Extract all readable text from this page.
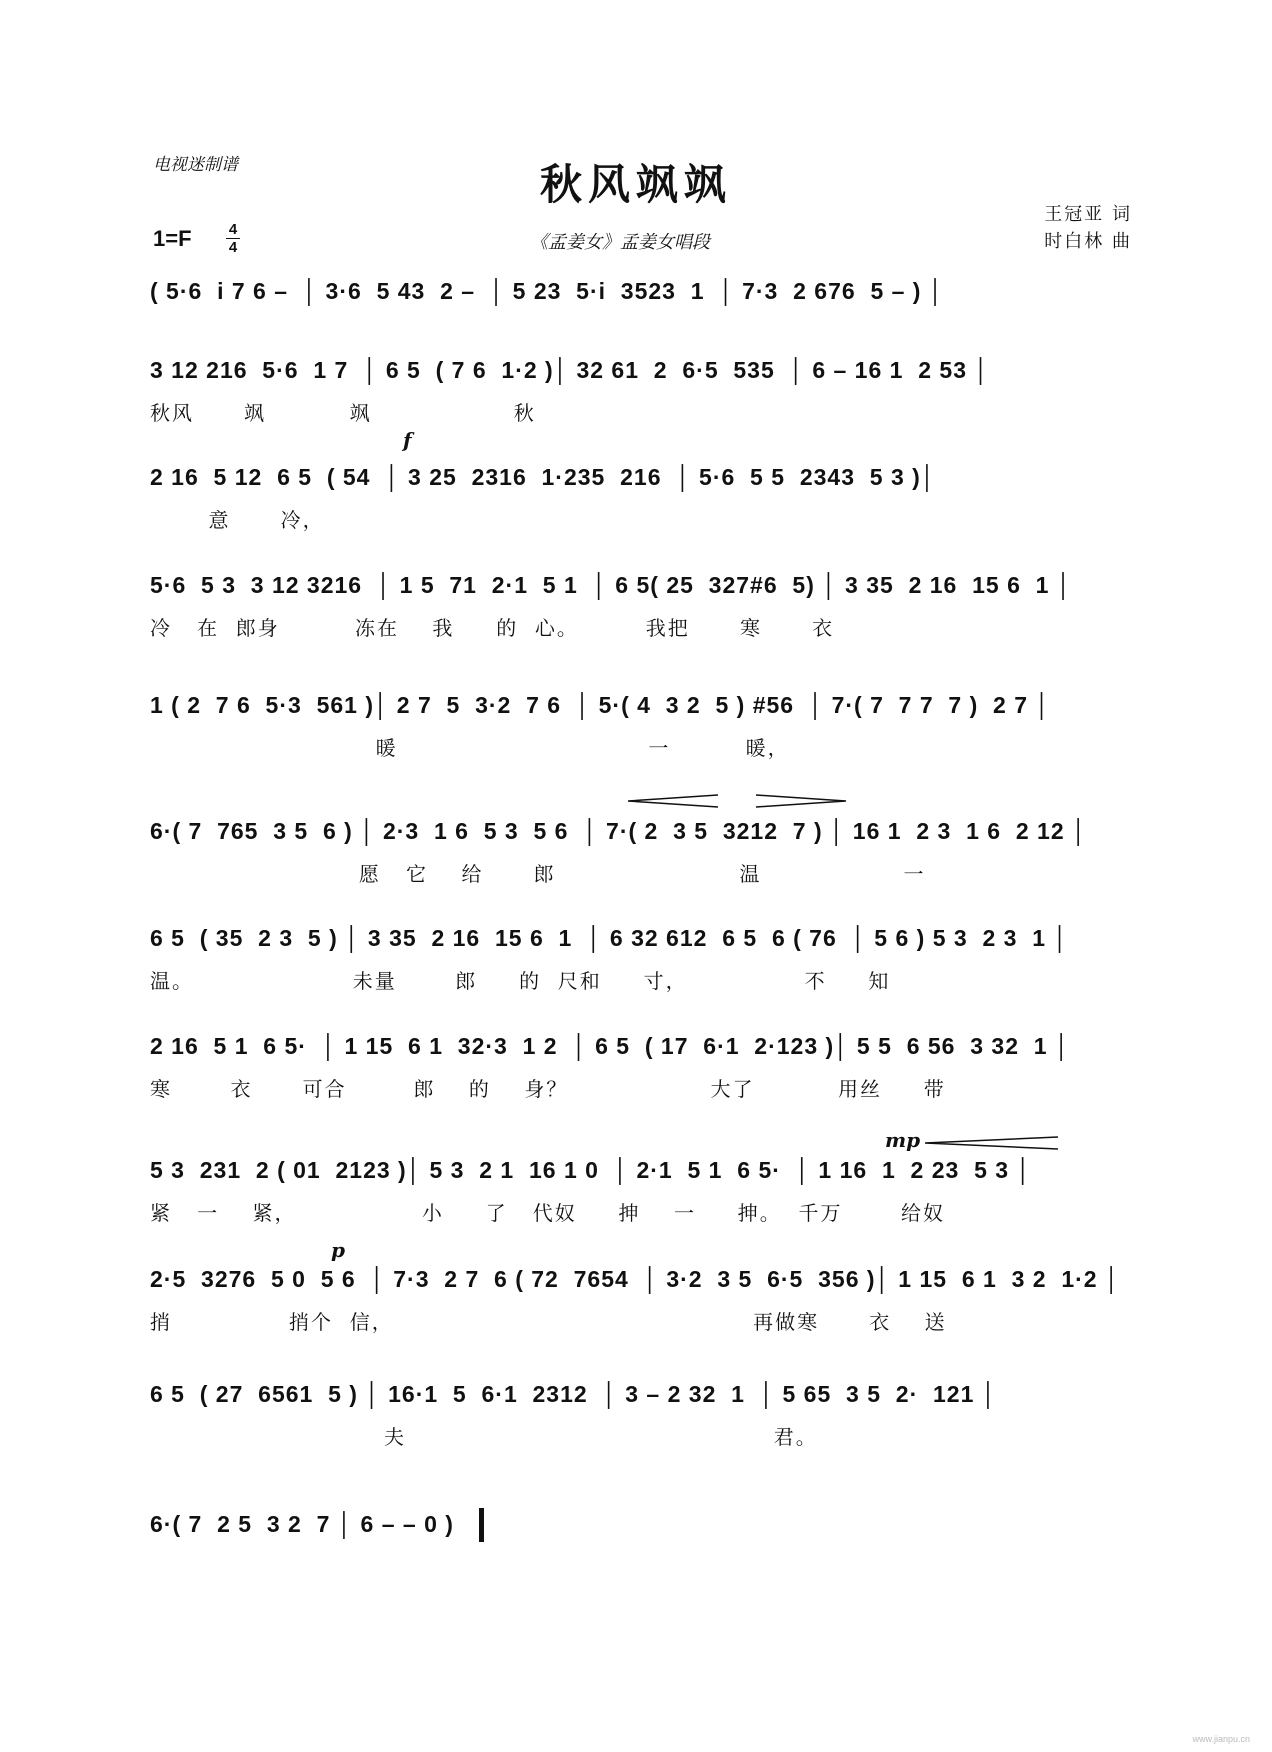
电视迷制谱	秋风飒飒
《孟姜女》孟姜女唱段
王冠亚 词
时白林 曲
1=F 4
4
( 5·6  i 7 6 –  │ 3·6  5 43  2 –  │ 5 23  5·i  3523  1  │ 7·3  2 676  5 – ) │
3 12 216  5·6  1 7  │ 6 5  ( 7 6  1·2 )│ 32 61  2  6·5  535  │ 6 – 16 1  2 53 │
秋风      飒          飒                 秋
f
2 16  5 12  6 5  ( 54  │ 3 25  2316  1·235  216  │ 5·6  5 5  2343  5 3 )│
意      冷，
5·6  5 3  3 12 3216  │ 1 5  71  2·1  5 1  │ 6 5( 25  327#6  5) │ 3 35  2 16  15 6  1 │
冷   在  郎身         冻在    我     的  心。        我把      寒      衣
1 ( 2  7 6  5·3  561 )│ 2 7  5  3·2  7 6  │ 5·( 4  3 2  5 ) #56  │ 7·( 7  7 7  7 )  2 7 │
暖                              一         暖，
6·( 7  765  3 5  6 ) │ 2·3  1 6  5 3  5 6  │ 7·( 2  3 5  3212  7 ) │ 16 1  2 3  1 6  2 12 │
愿   它    给      郎                      温                 一
6 5  ( 35  2 3  5 ) │ 3 35  2 16  15 6  1  │ 6 32 612  6 5  6 ( 76  │ 5 6 ) 5 3  2 3  1 │
温。                   未量       郎     的  尺和     寸，              不     知
2 16  5 1  6 5·  │ 1 15  6 1  32·3  1 2  │ 6 5  ( 17  6·1  2·123 )│ 5 5  6 56  3 32  1 │
寒       衣      可合        郎    的    身？                 大了          用丝     带
mp
5 3  231  2 ( 01  2123 )│ 5 3  2 1  16 1 0  │ 2·1  5 1  6 5·  │ 1 16  1  2 23  5 3 │
紧   一    紧，               小     了   代奴     抻    一     抻。  千万       给奴
p
2·5  3276  5 0  5 6  │ 7·3  2 7  6 ( 72  7654  │ 3·2  3 5  6·5  356 )│ 1 15  6 1  3 2  1·2 │
捎              捎个  信，                                           再做寒      衣    送
6 5  ( 27  6561  5 ) │ 16·1  5  6·1  2312  │ 3 – 2 32  1  │ 5 65  3 5  2·  121 │
夫                                            君。
6·( 7  2 5  3 2  7 │ 6 – – 0 )
www.jianpu.cn
